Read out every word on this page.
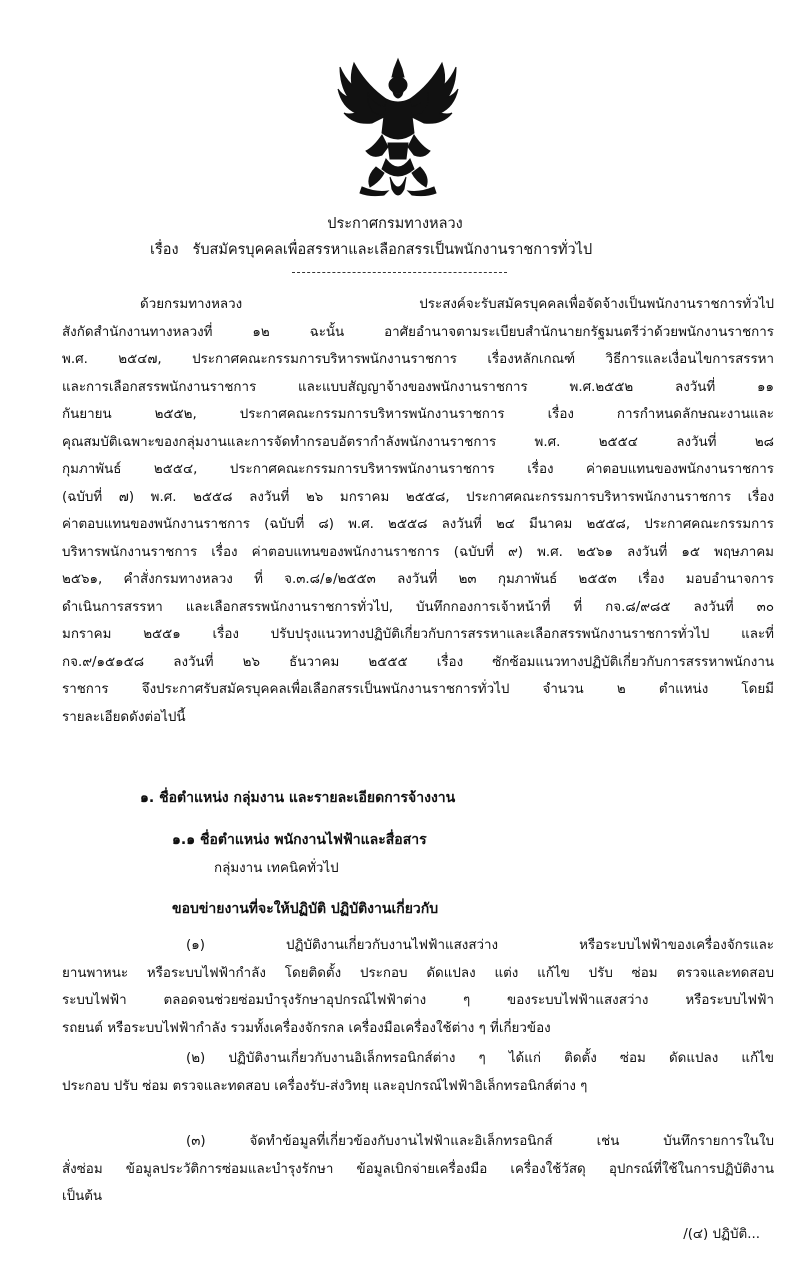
ประกาศกรมทางหลวง
เรื่อง รับสมัครบุคคลเพื่อสรรหาและเลือกสรรเป็นพนักงานราชการทั่วไป
ด้วยกรมทางหลวง ประสงค์จะรับสมัครบุคคลเพื่อจัดจ้างเป็นพนักงานราชการทั่วไป
สังกัดสำนักงานทางหลวงที่ ๑๒ ฉะนั้น อาศัยอำนาจตามระเบียบสำนักนายกรัฐมนตรีว่าด้วยพนักงานราชการ
พ.ศ. ๒๕๔๗, ประกาศคณะกรรมการบริหารพนักงานราชการ เรื่องหลักเกณฑ์ วิธีการและเงื่อนไขการสรรหา
และการเลือกสรรพนักงานราชการ และแบบสัญญาจ้างของพนักงานราชการ พ.ศ.๒๕๕๒ ลงวันที่ ๑๑
กันยายน ๒๕๕๒, ประกาศคณะกรรมการบริหารพนักงานราชการ เรื่อง การกำหนดลักษณะงานและ
คุณสมบัติเฉพาะของกลุ่มงานและการจัดทำกรอบอัตรากำลังพนักงานราชการ พ.ศ. ๒๕๕๔ ลงวันที่ ๒๘
กุมภาพันธ์ ๒๕๕๔, ประกาศคณะกรรมการบริหารพนักงานราชการ เรื่อง ค่าตอบแทนของพนักงานราชการ
(ฉบับที่ ๗) พ.ศ. ๒๕๕๘ ลงวันที่ ๒๖ มกราคม ๒๕๕๘, ประกาศคณะกรรมการบริหารพนักงานราชการ เรื่อง
ค่าตอบแทนของพนักงานราชการ (ฉบับที่ ๘) พ.ศ. ๒๕๕๘ ลงวันที่ ๒๔ มีนาคม ๒๕๕๘, ประกาศคณะกรรมการ
บริหารพนักงานราชการ เรื่อง ค่าตอบแทนของพนักงานราชการ (ฉบับที่ ๙) พ.ศ. ๒๕๖๑ ลงวันที่ ๑๕ พฤษภาคม
๒๕๖๑, คำสั่งกรมทางหลวง ที่ จ.๓.๘/๑/๒๕๕๓ ลงวันที่ ๒๓ กุมภาพันธ์ ๒๕๕๓ เรื่อง มอบอำนาจการ
ดำเนินการสรรหา และเลือกสรรพนักงานราชการทั่วไป, บันทึกกองการเจ้าหน้าที่ ที่ กจ.๘/๙๘๕ ลงวันที่ ๓๐
มกราคม ๒๕๕๑ เรื่อง ปรับปรุงแนวทางปฏิบัติเกี่ยวกับการสรรหาและเลือกสรรพนักงานราชการทั่วไป และที่
กจ.๙/๑๕๑๕๘ ลงวันที่ ๒๖ ธันวาคม ๒๕๕๕ เรื่อง ซักซ้อมแนวทางปฏิบัติเกี่ยวกับการสรรหาพนักงาน
ราชการ จึงประกาศรับสมัครบุคคลเพื่อเลือกสรรเป็นพนักงานราชการทั่วไป จำนวน ๒ ตำแหน่ง โดยมี
รายละเอียดดังต่อไปนี้
๑. ชื่อตำแหน่ง กลุ่มงาน และรายละเอียดการจ้างงาน
๑.๑ ชื่อตำแหน่ง พนักงานไฟฟ้าและสื่อสาร
กลุ่มงาน เทคนิคทั่วไป
ขอบข่ายงานที่จะให้ปฏิบัติ ปฏิบัติงานเกี่ยวกับ
(๑) ปฏิบัติงานเกี่ยวกับงานไฟฟ้าแสงสว่าง หรือระบบไฟฟ้าของเครื่องจักรและ
ยานพาหนะ หรือระบบไฟฟ้ากำลัง โดยติดตั้ง ประกอบ ดัดแปลง แต่ง แก้ไข ปรับ ซ่อม ตรวจและทดสอบ
ระบบไฟฟ้า ตลอดจนช่วยซ่อมบำรุงรักษาอุปกรณ์ไฟฟ้าต่าง ๆ ของระบบไฟฟ้าแสงสว่าง หรือระบบไฟฟ้า
รถยนต์ หรือระบบไฟฟ้ากำลัง รวมทั้งเครื่องจักรกล เครื่องมือเครื่องใช้ต่าง ๆ ที่เกี่ยวข้อง
(๒) ปฏิบัติงานเกี่ยวกับงานอิเล็กทรอนิกส์ต่าง ๆ ได้แก่ ติดตั้ง ซ่อม ดัดแปลง แก้ไข
ประกอบ ปรับ ซ่อม ตรวจและทดสอบ เครื่องรับ-ส่งวิทยุ และอุปกรณ์ไฟฟ้าอิเล็กทรอนิกส์ต่าง ๆ
(๓) จัดทำข้อมูลที่เกี่ยวข้องกับงานไฟฟ้าและอิเล็กทรอนิกส์ เช่น บันทึกรายการในใบ
สั่งซ่อม ข้อมูลประวัติการซ่อมและบำรุงรักษา ข้อมูลเบิกจ่ายเครื่องมือ เครื่องใช้วัสดุ อุปกรณ์ที่ใช้ในการปฏิบัติงาน
เป็นต้น
/(๔) ปฏิบัติ...
